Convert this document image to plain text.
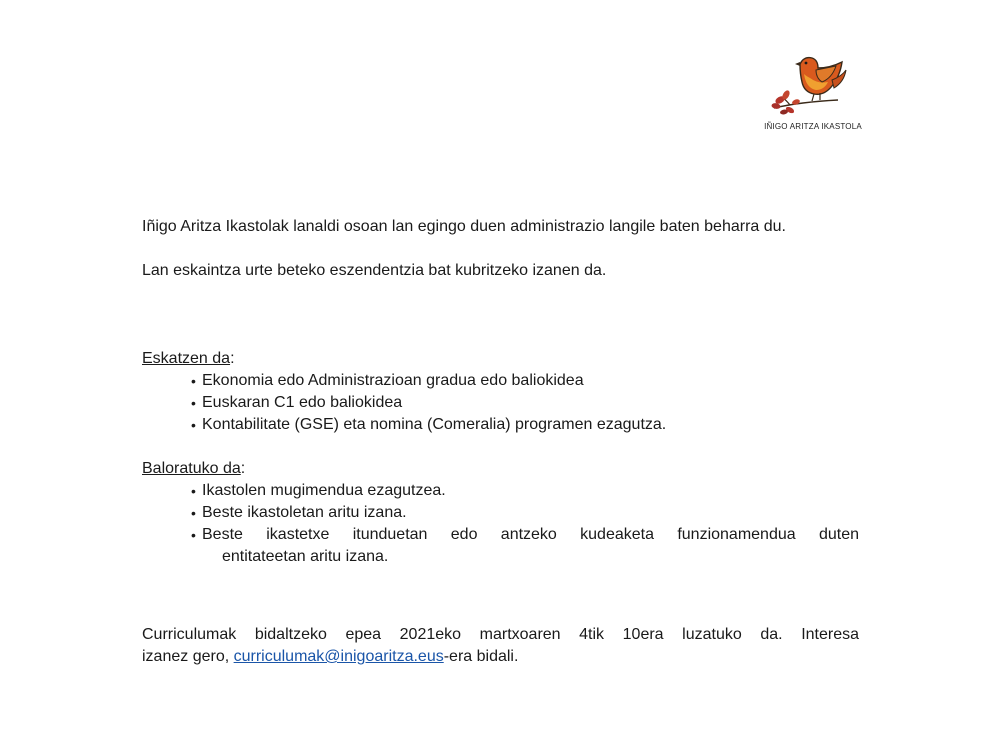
IÑIGO ARITZA IKASTOLA

Iñigo Aritza Ikastolak lanaldi osoan lan egingo duen administrazio langile baten beharra du.

Lan eskaintza urte beteko eszendentzia bat kubritzeko izanen da.

Eskatzen da:

• Ekonomia edo Administrazioan gradua edo baliokidea
• Euskaran C1 edo baliokidea
• Kontabilitate (GSE) eta nomina (Comeralia) programen ezagutza.

Baloratuko da:

• Ikastolen mugimendua ezagutzea.
• Beste ikastoletan aritu izana.
• Beste ikastetxe itunduetan edo antzeko kudeaketa funzionamendua duten
entitateetan aritu izana.

Curriculumak bidaltzeko epea 2021eko martxoaren 4tik 10era luzatuko da. Interesa

izanez gero, curriculumak@inigoaritza.eus-era bidali.
